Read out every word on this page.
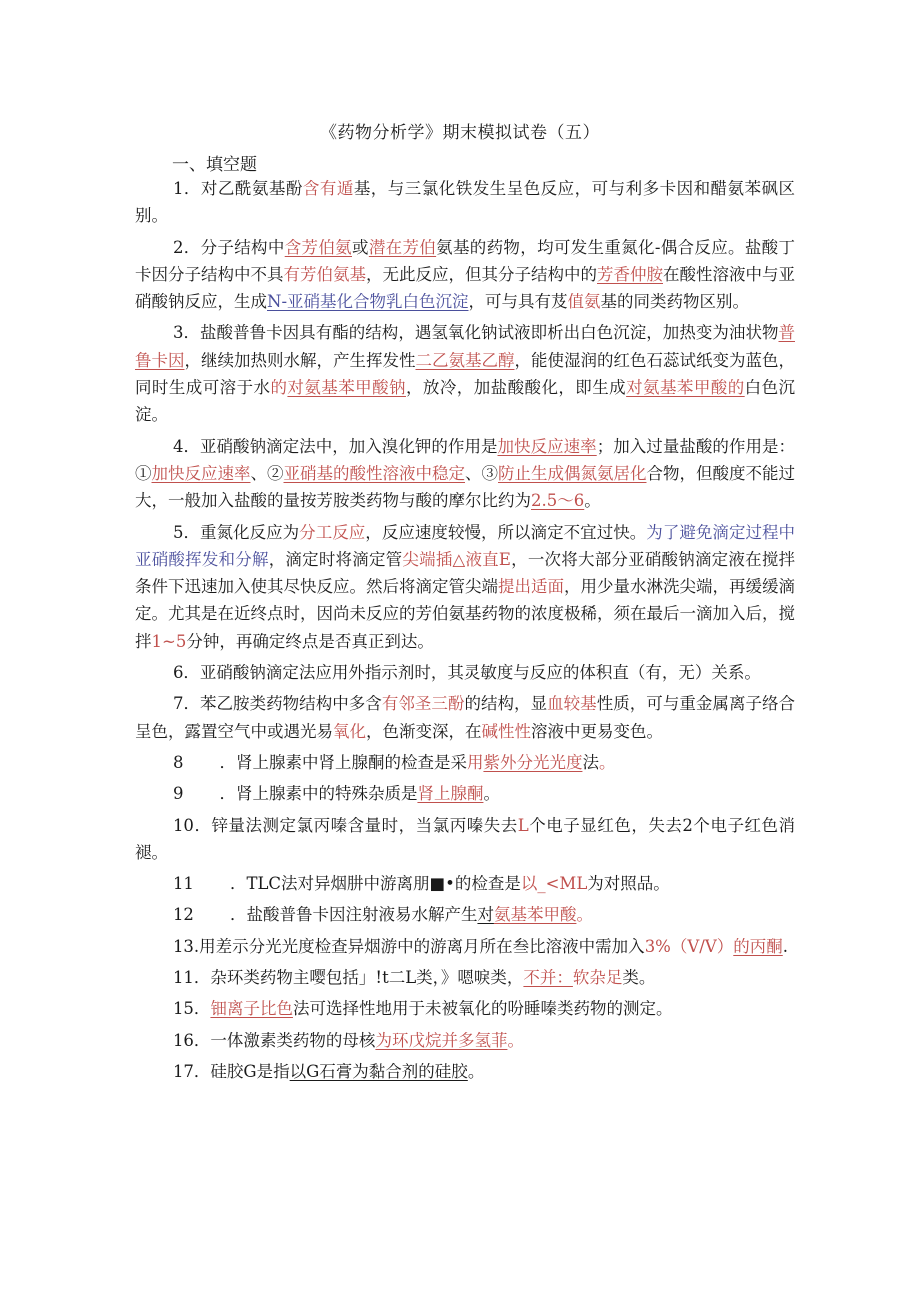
《药物分析学》期末模拟试卷（五）
一、填空题

1．对乙酰氨基酚含有遁基，与三氯化铁发生呈色反应，可与利多卡因和醋氨苯砜区别。

2．分子结构中含芳伯氨或潜在芳伯氨基的药物，均可发生重氮化-偶合反应。盐酸丁卡因分子结构中不具有芳伯氨基，无此反应，但其分子结构中的芳香仲胺在酸性溶液中与亚硝酸钠反应，生成N-亚硝基化合物乳白色沉淀，可与具有芨值氨基的同类药物区别。

3．盐酸普鲁卡因具有酯的结构，遇氢氧化钠试液即析出白色沉淀，加热变为油状物普鲁卡因，继续加热则水解，产生挥发性二乙氨基乙醇，能使湿润的红色石蕊试纸变为蓝色，同时生成可溶于水的对氨基苯甲酸钠，放冷，加盐酸酸化，即生成对氨基苯甲酸的白色沉淀。

4．亚硝酸钠滴定法中，加入溴化钾的作用是加快反应速率；加入过量盐酸的作用是：①加快反应速率、②亚硝基的酸性溶液中稳定、③防止生成偶氮氨居化合物，但酸度不能过大，一般加入盐酸的量按芳胺类药物与酸的摩尔比约为2.5～6。

5．重氮化反应为分工反应，反应速度较慢，所以滴定不宜过快。为了避免滴定过程中亚硝酸挥发和分解，滴定时将滴定管尖端插△液直E，一次将大部分亚硝酸钠滴定液在搅拌条件下迅速加入使其尽快反应。然后将滴定管尖端提出适面，用少量水淋洗尖端，再缓缓滴定。尤其是在近终点时，因尚未反应的芳伯氨基药物的浓度极稀，须在最后一滴加入后，搅拌1~5分钟，再确定终点是否真正到达。

6．亚硝酸钠滴定法应用外指示剂时，其灵敏度与反应的体积直（有，无）关系。

7．苯乙胺类药物结构中多含有邻圣三酚的结构，显血较基性质，可与重金属离子络合呈色，露置空气中或遇光易氧化，色渐变深，在碱性性溶液中更易变色。

8 ．肾上腺素中肾上腺酮的检查是采用紫外分光光度法。

9 ．肾上腺素中的特殊杂质是肾上腺酮。

10．锌量法测定氯丙嗪含量时，当氯丙嗪失去L个电子显红色，失去2个电子红色消褪。

11 ．TLC法对异烟肼中游离朋■•的检查是以_<ML为对照品。

12 ．盐酸普鲁卡因注射液易水解产生对氨基苯甲酸。

13.用差示分光光度检查异烟游中的游离月所在叁比溶液中需加入3%（V/V）的丙酮.

11．杂环类药物主嘤包括」!t二L类，》嗯唳类，不并：软杂足类。

15．钿离子比色法可选择性地用于未被氧化的吩睡嗪类药物的测定。

16．一体激素类药物的母核为环戊烷并多氢菲。

17．硅胶G是指以G石膏为黏合剂的硅胶。
